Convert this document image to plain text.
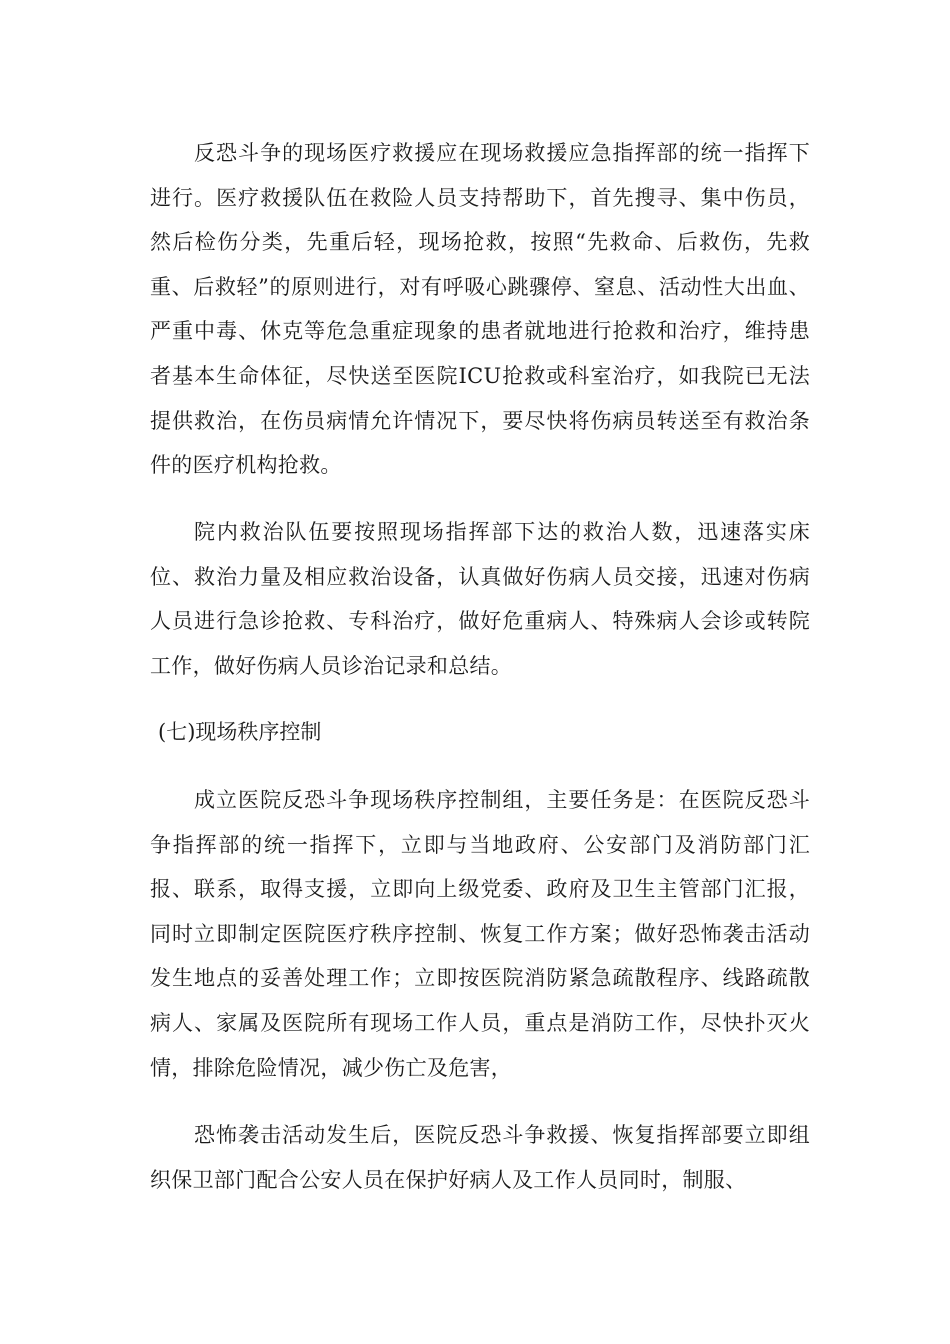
反恐斗争的现场医疗救援应在现场救援应急指挥部的统一指挥下进行。医疗救援队伍在救险人员支持帮助下，首先搜寻、集中伤员，然后检伤分类，先重后轻，现场抢救，按照“先救命、后救伤，先救重、后救轻”的原则进行，对有呼吸心跳骤停、窒息、活动性大出血、严重中毒、休克等危急重症现象的患者就地进行抢救和治疗，维持患者基本生命体征，尽快送至医院ICU抢救或科室治疗，如我院已无法提供救治，在伤员病情允许情况下，要尽快将伤病员转送至有救治条件的医疗机构抢救。

院内救治队伍要按照现场指挥部下达的救治人数，迅速落实床位、救治力量及相应救治设备，认真做好伤病人员交接，迅速对伤病人员进行急诊抢救、专科治疗，做好危重病人、特殊病人会诊或转院工作，做好伤病人员诊治记录和总结。

(七)现场秩序控制

成立医院反恐斗争现场秩序控制组，主要任务是：在医院反恐斗争指挥部的统一指挥下，立即与当地政府、公安部门及消防部门汇报、联系，取得支援，立即向上级党委、政府及卫生主管部门汇报，同时立即制定医院医疗秩序控制、恢复工作方案；做好恐怖袭击活动发生地点的妥善处理工作；立即按医院消防紧急疏散程序、线路疏散病人、家属及医院所有现场工作人员，重点是消防工作，尽快扑灭火情，排除危险情况，减少伤亡及危害，

恐怖袭击活动发生后，医院反恐斗争救援、恢复指挥部要立即组织保卫部门配合公安人员在保护好病人及工作人员同时，制服、
